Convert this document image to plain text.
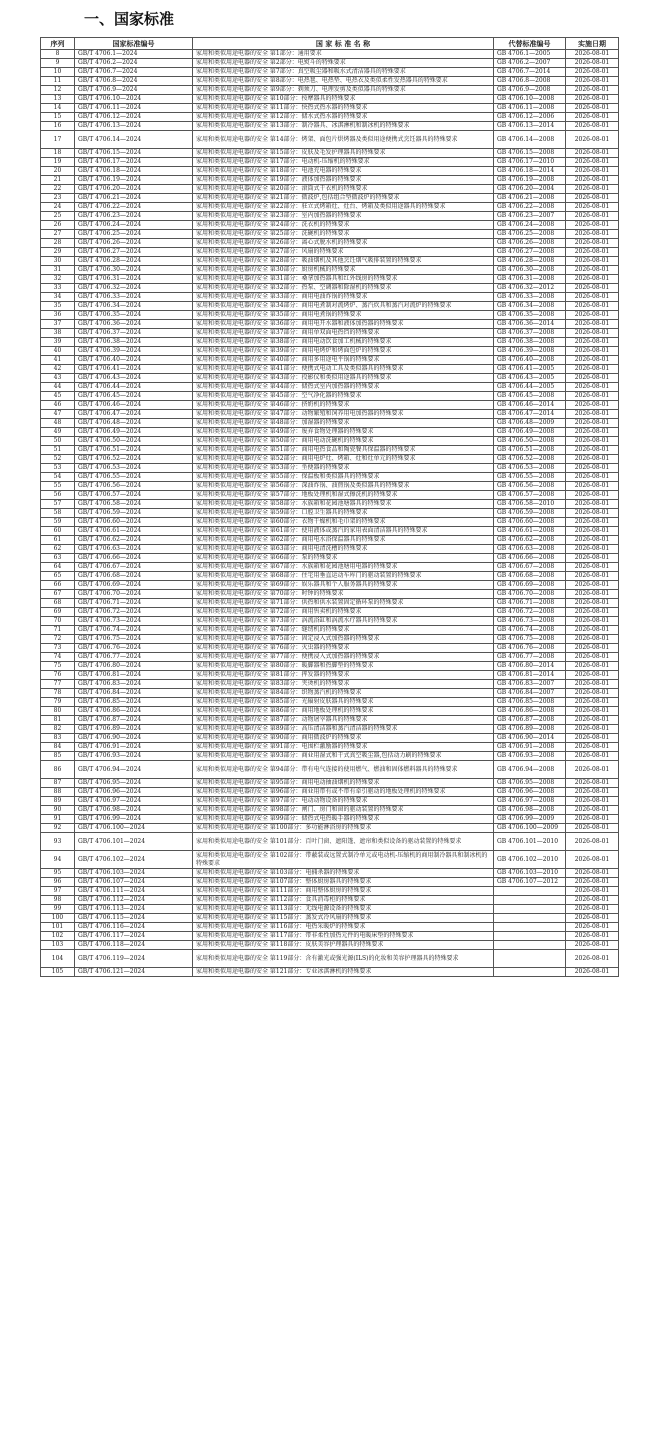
一、国家标准
序列	国家标准编号	国 家 标 准 名 称	代替标准编号	实施日期
8	GB/T 4706.1—2024	家用和类似用途电器的安全 第1部分：通用要求	GB 4706.1—2005	2026-08-01
9	GB/T 4706.2—2024	家用和类似用途电器的安全 第2部分：电熨斗的特殊要求	GB 4706.2—2007	2026-08-01
10	GB/T 4706.7—2024	家用和类似用途电器的安全 第7部分：真空吸尘器和吸水式清洁器具的特殊要求	GB 4706.7—2014	2026-08-01
11	GB/T 4706.8—2024	家用和类似用途电器的安全 第8部分：电热毯、电热垫、电热衣及类似柔性发热器具的特殊要求	GB 4706.8—2008	2026-08-01
12	GB/T 4706.9—2024	家用和类似用途电器的安全 第9部分：剃须刀、电理发剪及类似器具的特殊要求	GB 4706.9—2008	2026-08-01
13	GB/T 4706.10—2024	家用和类似用途电器的安全 第10部分：按摩器具的特殊要求	GB 4706.10—2008	2026-08-01
14	GB/T 4706.11—2024	家用和类似用途电器的安全 第11部分：快热式热水器的特殊要求	GB 4706.11—2008	2026-08-01
15	GB/T 4706.12—2024	家用和类似用途电器的安全 第12部分：储水式热水器的特殊要求	GB 4706.12—2006	2026-08-01
16	GB/T 4706.13—2024	家用和类似用途电器的安全 第13部分：制冷器具、冰淇淋机和制冰机的特殊要求	GB 4706.13—2014	2026-08-01
17	GB/T 4706.14—2024	家用和类似用途电器的安全 第14部分：烤架、面包片烘烤器及类似用途便携式烹饪器具的特殊要求	GB 4706.14—2008	2026-08-01
18	GB/T 4706.15—2024	家用和类似用途电器的安全 第15部分：皮肤及毛发护理器具的特殊要求	GB 4706.15—2008	2026-08-01
19	GB/T 4706.17—2024	家用和类似用途电器的安全 第17部分：电动机-压缩机的特殊要求	GB 4706.17—2010	2026-08-01
20	GB/T 4706.18—2024	家用和类似用途电器的安全 第18部分：电池充电器的特殊要求	GB 4706.18—2014	2026-08-01
21	GB/T 4706.19—2024	家用和类似用途电器的安全 第19部分：液体加热器的特殊要求	GB 4706.19—2008	2026-08-01
22	GB/T 4706.20—2024	家用和类似用途电器的安全 第20部分：滚筒式干衣机的特殊要求	GB 4706.20—2004	2026-08-01
23	GB/T 4706.21—2024	家用和类似用途电器的安全 第21部分：微波炉,包括组合型微波炉的特殊要求	GB 4706.21—2008	2026-08-01
24	GB/T 4706.22—2024	家用和类似用途电器的安全 第22部分：驻立式烤箱灶、灶台、烤箱及类似用途器具的特殊要求	GB 4706.22—2008	2026-08-01
25	GB/T 4706.23—2024	家用和类似用途电器的安全 第23部分：室内加热器的特殊要求	GB 4706.23—2007	2026-08-01
26	GB/T 4706.24—2024	家用和类似用途电器的安全 第24部分：洗衣机的特殊要求	GB 4706.24—2008	2026-08-01
27	GB/T 4706.25—2024	家用和类似用途电器的安全 第25部分：洗碗机的特殊要求	GB 4706.25—2008	2026-08-01
28	GB/T 4706.26—2024	家用和类似用途电器的安全 第26部分：离心式脱水机的特殊要求	GB 4706.26—2008	2026-08-01
29	GB/T 4706.27—2024	家用和类似用途电器的安全 第27部分：风扇的特殊要求	GB 4706.27—2008	2026-08-01
30	GB/T 4706.28—2024	家用和类似用途电器的安全 第28部分：吸油烟机及其他烹饪烟气吸排装置的特殊要求	GB 4706.28—2008	2026-08-01
31	GB/T 4706.30—2024	家用和类似用途电器的安全 第30部分：厨房机械的特殊要求	GB 4706.30—2008	2026-08-01
32	GB/T 4706.31—2024	家用和类似用途电器的安全 第31部分：桑拿加热器具和红外线房的特殊要求	GB 4706.31—2008	2026-08-01
33	GB/T 4706.32—2024	家用和类似用途电器的安全 第32部分：热泵、空调器和除湿机的特殊要求	GB 4706.32—2012	2026-08-01
34	GB/T 4706.33—2024	家用和类似用途电器的安全 第33部分：商用电油炸锅的特殊要求	GB 4706.33—2008	2026-08-01
35	GB/T 4706.34—2024	家用和类似用途电器的安全 第34部分：商用电煮制对流烤炉、蒸汽炊具和蒸汽对流炉的特殊要求	GB 4706.34—2008	2026-08-01
36	GB/T 4706.35—2024	家用和类似用途电器的安全 第35部分：商用电煮锅的特殊要求	GB 4706.35—2008	2026-08-01
37	GB/T 4706.36—2024	家用和类似用途电器的安全 第36部分：商用电开水器和液体加热器的特殊要求	GB 4706.36—2014	2026-08-01
38	GB/T 4706.37—2024	家用和类似用途电器的安全 第37部分：商用单双面电热铛的特殊要求	GB 4706.37—2008	2026-08-01
39	GB/T 4706.38—2024	家用和类似用途电器的安全 第38部分：商用电动饮食加工机械的特殊要求	GB 4706.38—2008	2026-08-01
40	GB/T 4706.39—2024	家用和类似用途电器的安全 第39部分：商用电烤炉和烤面包炉的特殊要求	GB 4706.39—2008	2026-08-01
41	GB/T 4706.40—2024	家用和类似用途电器的安全 第40部分：商用多用途电平锅的特殊要求	GB 4706.40—2008	2026-08-01
42	GB/T 4706.41—2024	家用和类似用途电器的安全 第41部分：便携式电动工具及类似器具的特殊要求	GB 4706.41—2005	2026-08-01
43	GB/T 4706.43—2024	家用和类似用途电器的安全 第43部分：投影仪和类似用途器具的特殊要求	GB 4706.43—2005	2026-08-01
44	GB/T 4706.44—2024	家用和类似用途电器的安全 第44部分：储热式室内加热器的特殊要求	GB 4706.44—2005	2026-08-01
45	GB/T 4706.45—2024	家用和类似用途电器的安全 第45部分：空气净化器的特殊要求	GB 4706.45—2008	2026-08-01
46	GB/T 4706.46—2024	家用和类似用途电器的安全 第46部分：挤奶机的特殊要求	GB 4706.46—2014	2026-08-01
47	GB/T 4706.47—2024	家用和类似用途电器的安全 第47部分：动物繁殖和饲养用电加热器的特殊要求	GB 4706.47—2014	2026-08-01
48	GB/T 4706.48—2024	家用和类似用途电器的安全 第48部分：加湿器的特殊要求	GB 4706.48—2009	2026-08-01
49	GB/T 4706.49—2024	家用和类似用途电器的安全 第49部分：废弃食物处理器的特殊要求	GB 4706.49—2008	2026-08-01
50	GB/T 4706.50—2024	家用和类似用途电器的安全 第50部分：商用电动洗碗机的特殊要求	GB 4706.50—2008	2026-08-01
51	GB/T 4706.51—2024	家用和类似用途电器的安全 第51部分：商用电热食品和陶瓷餐具保温器的特殊要求	GB 4706.51—2008	2026-08-01
52	GB/T 4706.52—2024	家用和类似用途电器的安全 第52部分：商用电炉灶、烤箱、灶和灶单元的特殊要求	GB 4706.52—2008	2026-08-01
53	GB/T 4706.53—2024	家用和类似用途电器的安全 第53部分：坐便器的特殊要求	GB 4706.53—2008	2026-08-01
54	GB/T 4706.55—2024	家用和类似用途电器的安全 第55部分：保温板和类似器具的特殊要求	GB 4706.55—2008	2026-08-01
55	GB/T 4706.56—2024	家用和类似用途电器的安全 第56部分：深油炸锅、油煎锅及类似器具的特殊要求	GB 4706.56—2008	2026-08-01
56	GB/T 4706.57—2024	家用和类似用途电器的安全 第57部分：地板处理机和湿式擦洗机的特殊要求	GB 4706.57—2008	2026-08-01
57	GB/T 4706.58—2024	家用和类似用途电器的安全 第58部分：水族箱和花园池塘器具的特殊要求	GB 4706.58—2010	2026-08-01
58	GB/T 4706.59—2024	家用和类似用途电器的安全 第59部分：口腔卫生器具的特殊要求	GB 4706.59—2008	2026-08-01
59	GB/T 4706.60—2024	家用和类似用途电器的安全 第60部分：衣物干燥机和毛巾架的特殊要求	GB 4706.60—2008	2026-08-01
60	GB/T 4706.61—2024	家用和类似用途电器的安全 第61部分：使用液体或蒸汽的家用表面清洁器具的特殊要求	GB 4706.61—2008	2026-08-01
61	GB/T 4706.62—2024	家用和类似用途电器的安全 第62部分：商用电水浴保温器具的特殊要求	GB 4706.62—2008	2026-08-01
62	GB/T 4706.63—2024	家用和类似用途电器的安全 第63部分：商用电清洗槽的特殊要求	GB 4706.63—2008	2026-08-01
63	GB/T 4706.66—2024	家用和类似用途电器的安全 第66部分：泵的特殊要求	GB 4706.66—2008	2026-08-01
64	GB/T 4706.67—2024	家用和类似用途电器的安全 第67部分：水族箱和花园池塘用电器的特殊要求	GB 4706.67—2008	2026-08-01
65	GB/T 4706.68—2024	家用和类似用途电器的安全 第68部分：住宅用垂直运动车库门的驱动装置的特殊要求	GB 4706.68—2008	2026-08-01
66	GB/T 4706.69—2024	家用和类似用途电器的安全 第69部分：娱乐器具和个人服务器具的特殊要求	GB 4706.69—2008	2026-08-01
67	GB/T 4706.70—2024	家用和类似用途电器的安全 第70部分：时钟的特殊要求	GB 4706.70—2008	2026-08-01
68	GB/T 4706.71—2024	家用和类似用途电器的安全 第71部分：供热和供水装置固定循环泵的特殊要求	GB 4706.71—2008	2026-08-01
69	GB/T 4706.72—2024	家用和类似用途电器的安全 第72部分：商用售卖机的特殊要求	GB 4706.72—2008	2026-08-01
70	GB/T 4706.73—2024	家用和类似用途电器的安全 第73部分：涡流浴缸和涡流水疗器具的特殊要求	GB 4706.73—2008	2026-08-01
71	GB/T 4706.74—2024	家用和类似用途电器的安全 第74部分：缝纫机的特殊要求	GB 4706.74—2008	2026-08-01
72	GB/T 4706.75—2024	家用和类似用途电器的安全 第75部分：固定浸入式加热器的特殊要求	GB 4706.75—2008	2026-08-01
73	GB/T 4706.76—2024	家用和类似用途电器的安全 第76部分：灭虫器的特殊要求	GB 4706.76—2008	2026-08-01
74	GB/T 4706.77—2024	家用和类似用途电器的安全 第77部分：便携浸入式加热器的特殊要求	GB 4706.77—2008	2026-08-01
75	GB/T 4706.80—2024	家用和类似用途电器的安全 第80部分：暖脚器和热脚垫的特殊要求	GB 4706.80—2014	2026-08-01
76	GB/T 4706.81—2024	家用和类似用途电器的安全 第81部分：挥发器的特殊要求	GB 4706.81—2014	2026-08-01
77	GB/T 4706.83—2024	家用和类似用途电器的安全 第83部分：夹烫机的特殊要求	GB 4706.83—2007	2026-08-01
78	GB/T 4706.84—2024	家用和类似用途电器的安全 第84部分：织物蒸汽机的特殊要求	GB 4706.84—2007	2026-08-01
79	GB/T 4706.85—2024	家用和类似用途电器的安全 第85部分：光辐射皮肤器具的特殊要求	GB 4706.85—2008	2026-08-01
80	GB/T 4706.86—2024	家用和类似用途电器的安全 第86部分：商用地板处理机的特殊要求	GB 4706.86—2008	2026-08-01
81	GB/T 4706.87—2024	家用和类似用途电器的安全 第87部分：动物屠宰器具的特殊要求	GB 4706.87—2008	2026-08-01
82	GB/T 4706.89—2024	家用和类似用途电器的安全 第89部分：高压清洁器和蒸汽清洁器的特殊要求	GB 4706.89—2008	2026-08-01
83	GB/T 4706.90—2024	家用和类似用途电器的安全 第90部分：商用微波炉的特殊要求	GB 4706.90—2014	2026-08-01
84	GB/T 4706.91—2024	家用和类似用途电器的安全 第91部分：电围栏激励器的特殊要求	GB 4706.91—2008	2026-08-01
85	GB/T 4706.93—2024	家用和类似用途电器的安全 第93部分：商业用湿式和干式真空吸尘器,包括动力刷的特殊要求	GB 4706.93—2008	2026-08-01
86	GB/T 4706.94—2024	家用和类似用途电器的安全 第94部分：带有电气连接的使用燃气、燃油和固体燃料器具的特殊要求	GB 4706.94—2008	2026-08-01
87	GB/T 4706.95—2024	家用和类似用途电器的安全 第95部分：商用电动抽油烟机的特殊要求	GB 4706.95—2008	2026-08-01
88	GB/T 4706.96—2024	家用和类似用途电器的安全 第96部分：商业用带有或不带有牵引驱动的地板处理机的特殊要求	GB 4706.96—2008	2026-08-01
89	GB/T 4706.97—2024	家用和类似用途电器的安全 第97部分：电动动物设备的特殊要求	GB 4706.97—2008	2026-08-01
90	GB/T 4706.98—2024	家用和类似用途电器的安全 第98部分：闸门、房门和窗的驱动装置的特殊要求	GB 4706.98—2008	2026-08-01
91	GB/T 4706.99—2024	家用和类似用途电器的安全 第99部分：储热式电热暖手器的特殊要求	GB 4706.99—2009	2026-08-01
92	GB/T 4706.100—2024	家用和类似用途电器的安全 第100部分：多功能淋浴房的特殊要求	GB 4706.100—2009	2026-08-01
93	GB/T 4706.101—2024	家用和类似用途电器的安全 第101部分：百叶门窗、遮阳篷、遮帘和类似设备的驱动装置的特殊要求	GB 4706.101—2010	2026-08-01
94	GB/T 4706.102—2024	家用和类似用途电器的安全 第102部分：带蔽装或远置式制冷单元或电动机-压缩机的商用制冷器具和制冰机的特殊要求	GB 4706.102—2010	2026-08-01
95	GB/T 4706.103—2024	家用和类似用途电器的安全 第103部分：电捕杀器的特殊要求	GB 4706.103—2010	2026-08-01
96	GB/T 4706.107—2024	家用和类似用途电器的安全 第107部分：整体厨房器具的特殊要求	GB 4706.107—2012	2026-08-01
97	GB/T 4706.111—2024	家用和类似用途电器的安全 第111部分：商用整体厨房的特殊要求		2026-08-01
98	GB/T 4706.112—2024	家用和类似用途电器的安全 第112部分：食具消毒柜的特殊要求		2026-08-01
99	GB/T 4706.113—2024	家用和类似用途电器的安全 第113部分：无线电源设备的特殊要求		2026-08-01
100	GB/T 4706.115—2024	家用和类似用途电器的安全 第115部分：蒸发式冷风扇的特殊要求		2026-08-01
101	GB/T 4706.116—2024	家用和类似用途电器的安全 第116部分：电热采暖炉的特殊要求		2026-08-01
102	GB/T 4706.117—2024	家用和类似用途电器的安全 第117部分：带非柔性加热元件的电暖床垫的特殊要求		2026-08-01
103	GB/T 4706.118—2024	家用和类似用途电器的安全 第118部分：皮肤美容护理器具的特殊要求		2026-08-01
104	GB/T 4706.119—2024	家用和类似用途电器的安全 第119部分：含有激光或强光源(ILS)的化妆和美容护理器具的特殊要求		2026-08-01
105	GB/T 4706.121—2024	家用和类似用途电器的安全 第121部分：专业冰淇淋机的特殊要求		2026-08-01
